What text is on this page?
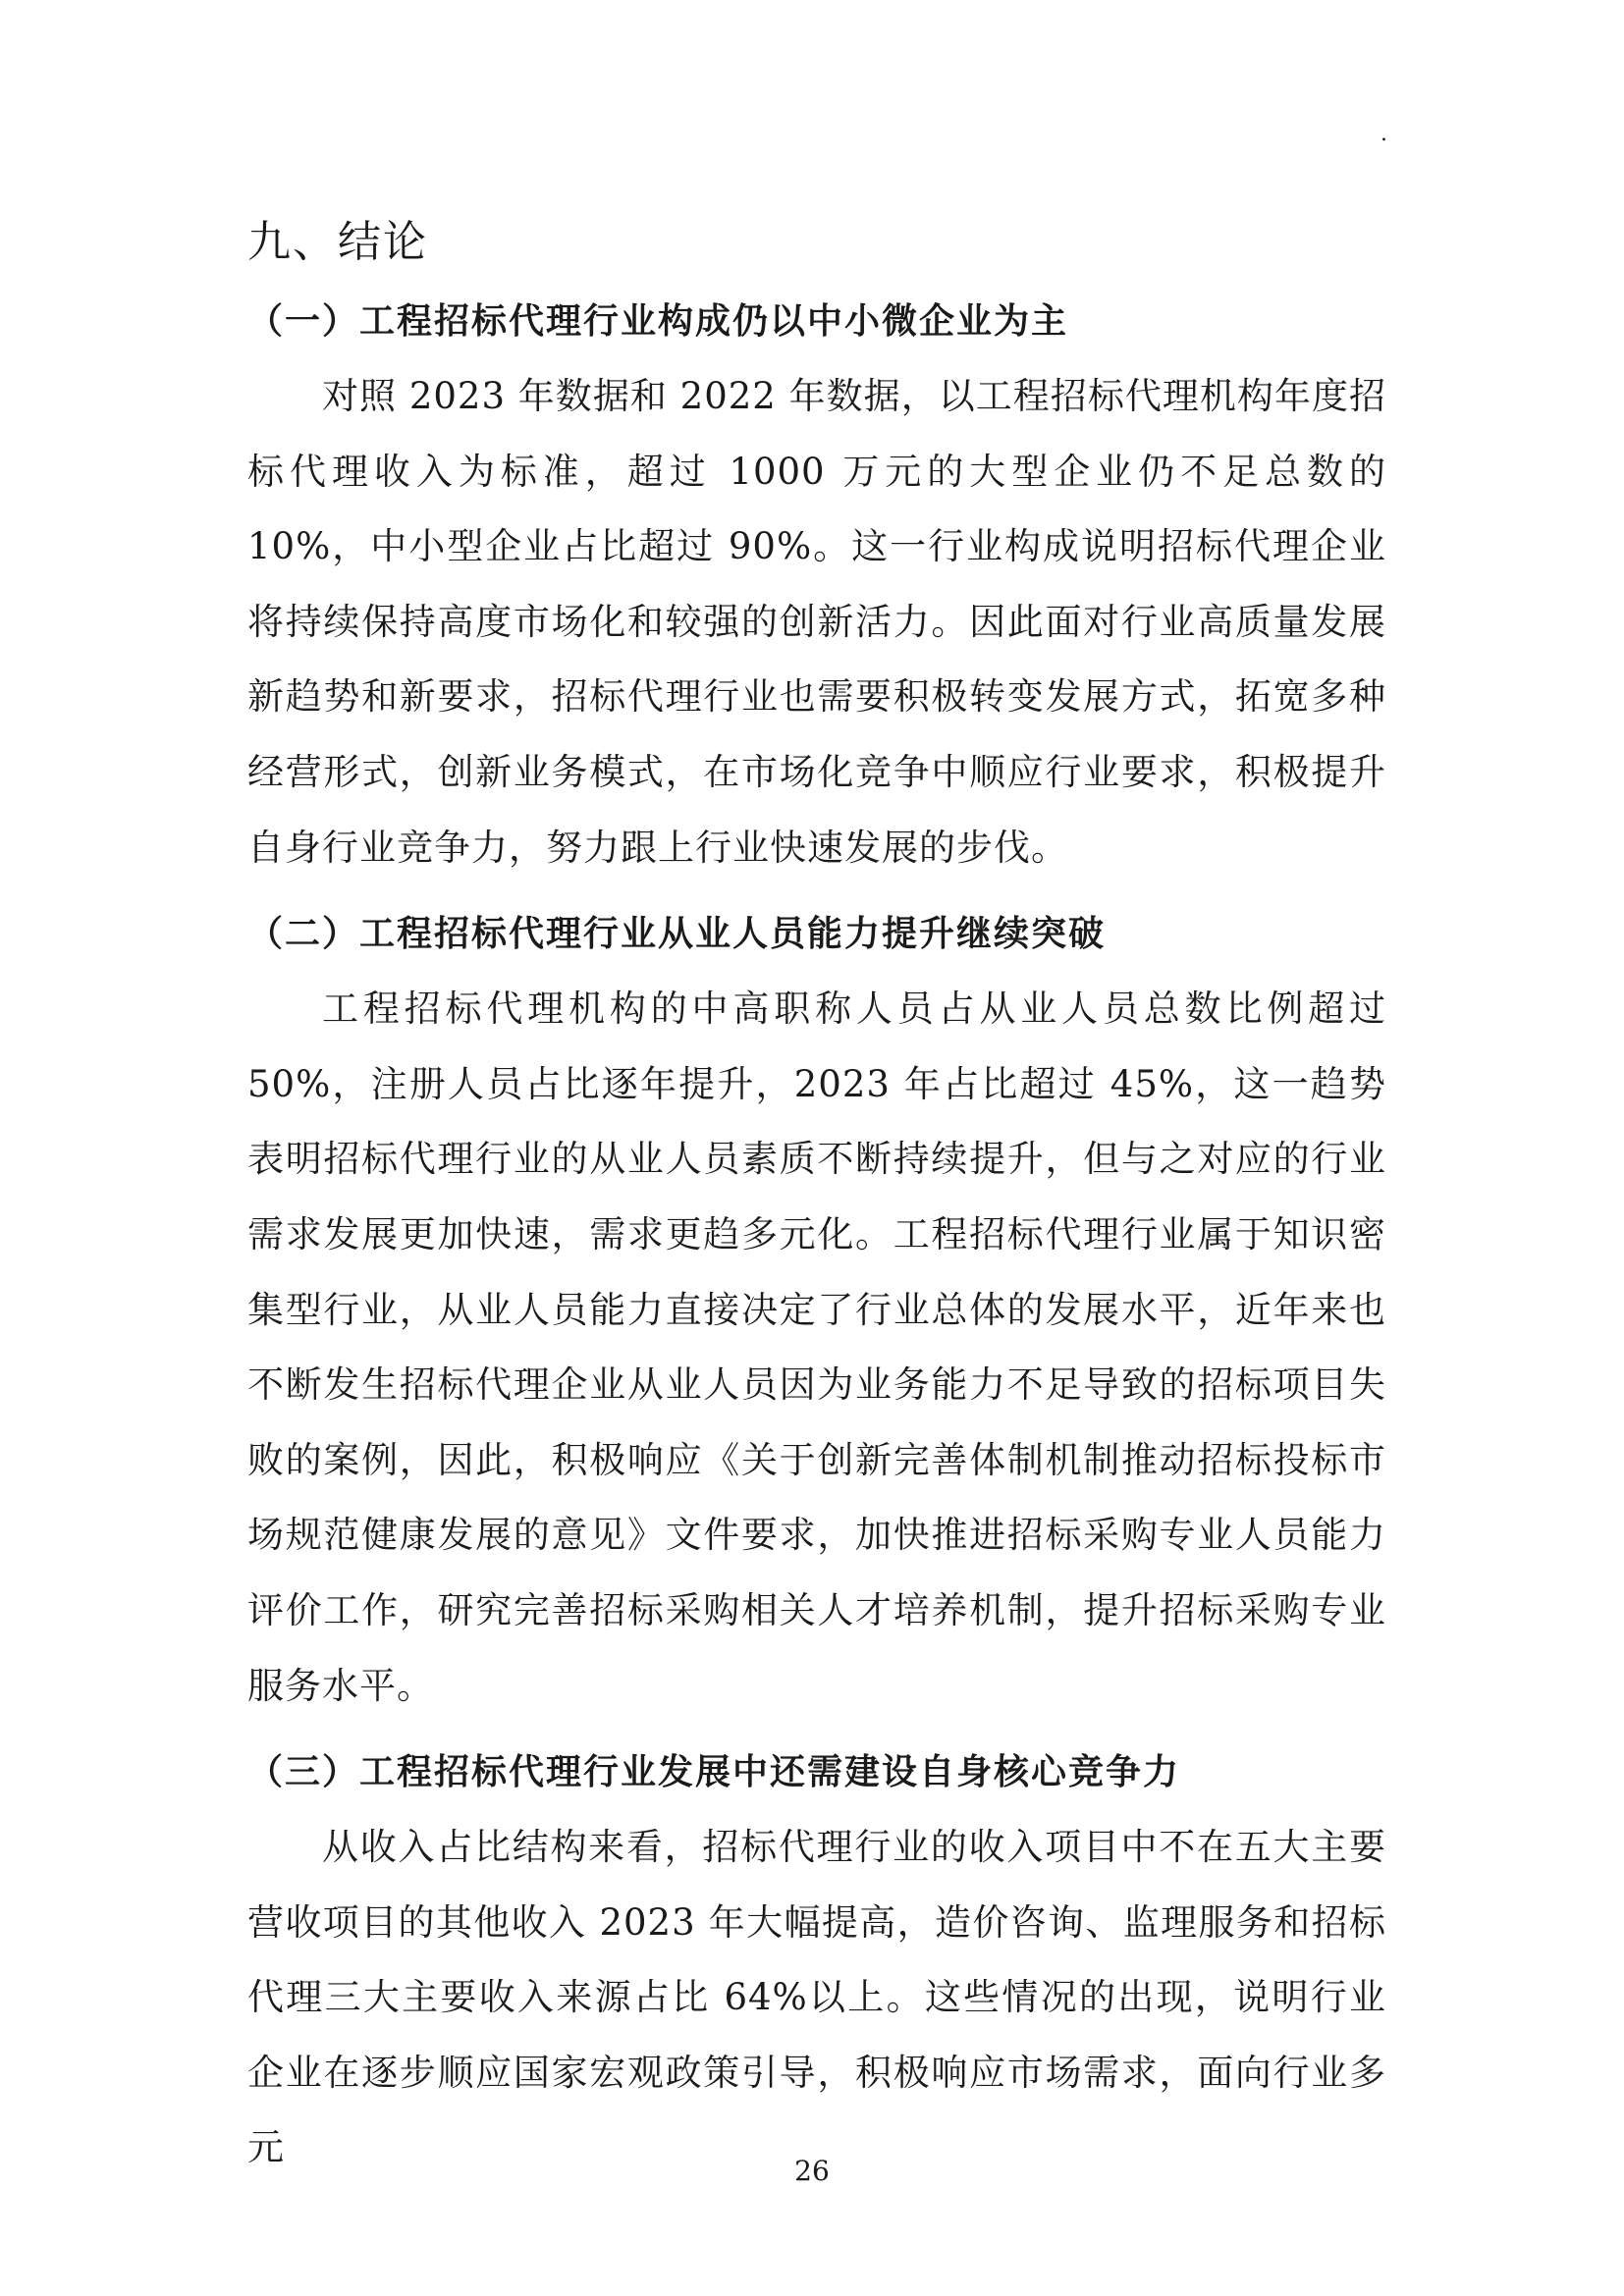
.
九、结论
（一）工程招标代理行业构成仍以中小微企业为主

对照 2023 年数据和 2022 年数据，以工程招标代理机构年度招标代理收入为标准，超过 1000 万元的大型企业仍不足总数的 10%，中小型企业占比超过 90%。这一行业构成说明招标代理企业将持续保持高度市场化和较强的创新活力。因此面对行业高质量发展新趋势和新要求，招标代理行业也需要积极转变发展方式，拓宽多种经营形式，创新业务模式，在市场化竞争中顺应行业要求，积极提升自身行业竞争力，努力跟上行业快速发展的步伐。

（二）工程招标代理行业从业人员能力提升继续突破

工程招标代理机构的中高职称人员占从业人员总数比例超过 50%，注册人员占比逐年提升，2023 年占比超过 45%，这一趋势表明招标代理行业的从业人员素质不断持续提升，但与之对应的行业需求发展更加快速，需求更趋多元化。工程招标代理行业属于知识密集型行业，从业人员能力直接决定了行业总体的发展水平，近年来也不断发生招标代理企业从业人员因为业务能力不足导致的招标项目失败的案例，因此，积极响应《关于创新完善体制机制推动招标投标市场规范健康发展的意见》文件要求，加快推进招标采购专业人员能力评价工作，研究完善招标采购相关人才培养机制，提升招标采购专业服务水平。

（三）工程招标代理行业发展中还需建设自身核心竞争力

从收入占比结构来看，招标代理行业的收入项目中不在五大主要营收项目的其他收入 2023 年大幅提高，造价咨询、监理服务和招标代理三大主要收入来源占比 64%以上。这些情况的出现，说明行业企业在逐步顺应国家宏观政策引导，积极响应市场需求，面向行业多元

26
